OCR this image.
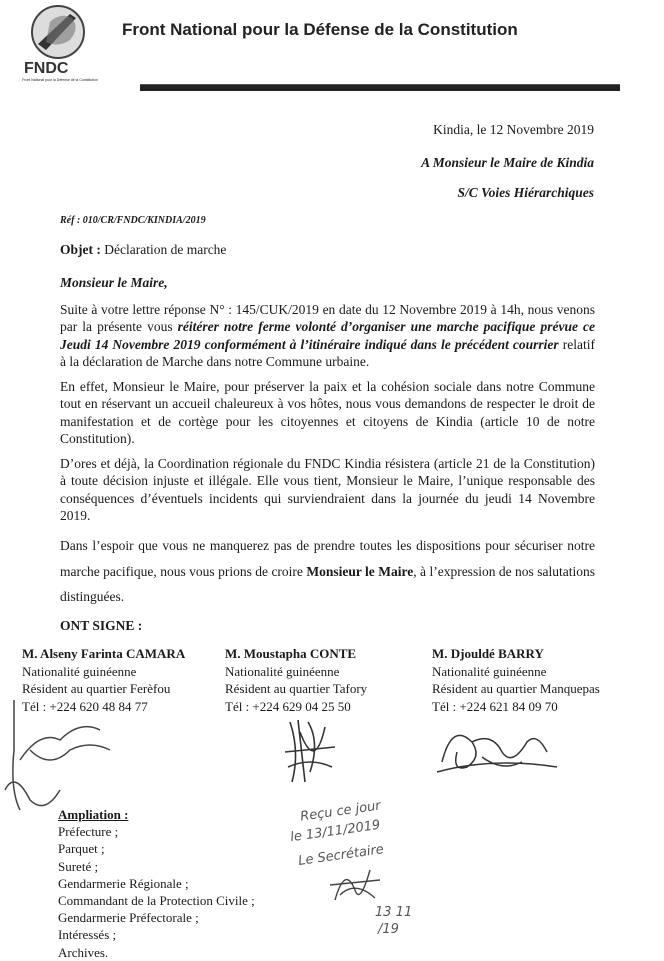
FNDC
Front National pour la Défense de la Constitution
Front National pour la Défense de la Constitution
Kindia, le 12 Novembre 2019
A Monsieur le Maire de Kindia
S/C Voies Hiérarchiques
Réf : 010/CR/FNDC/KINDIA/2019
Objet : Déclaration de marche
Monsieur le Maire,
Suite à votre lettre réponse N° : 145/CUK/2019 en date du 12 Novembre 2019 à 14h, nous venons par la présente vous réitérer notre ferme volonté d’organiser une marche pacifique prévue ce Jeudi 14 Novembre 2019 conformément à l’itinéraire indiqué dans le précédent courrier relatif à la déclaration de Marche dans notre Commune urbaine.
En effet, Monsieur le Maire, pour préserver la paix et la cohésion sociale dans notre Commune tout en réservant un accueil chaleureux à vos hôtes, nous vous demandons de respecter le droit de manifestation et de cortège pour les citoyennes et citoyens de Kindia (article 10 de notre Constitution).
D’ores et déjà, la Coordination régionale du FNDC Kindia résistera (article 21 de la Constitution) à toute décision injuste et illégale. Elle vous tient, Monsieur le Maire, l’unique responsable des conséquences d’éventuels incidents qui surviendraient dans la journée du jeudi 14 Novembre 2019.
Dans l’espoir que vous ne manquerez pas de prendre toutes les dispositions pour sécuriser notre marche pacifique, nous vous prions de croire Monsieur le Maire, à l’expression de nos salutations distinguées.
ONT SIGNE :
M. Alseny Farinta CAMARA
Nationalité guinéenne
Résident au quartier Ferèfou
Tél : +224 620 48 84 77
M. Moustapha CONTE
Nationalité guinéenne
Résident au quartier Tafory
Tél : +224 629 04 25 50
M. Djouldé BARRY
Nationalité guinéenne
Résident au quartier Manquepas
Tél : +224 621 84 09 70
Reçu ce jour
le 13/11/2019
Le Secrétaire
13 11
/19
Ampliation :
Préfecture ;
Parquet ;
Sureté ;
Gendarmerie Régionale ;
Commandant de la Protection Civile ;
Gendarmerie Préfectorale ;
Intéressés ;
Archives.
